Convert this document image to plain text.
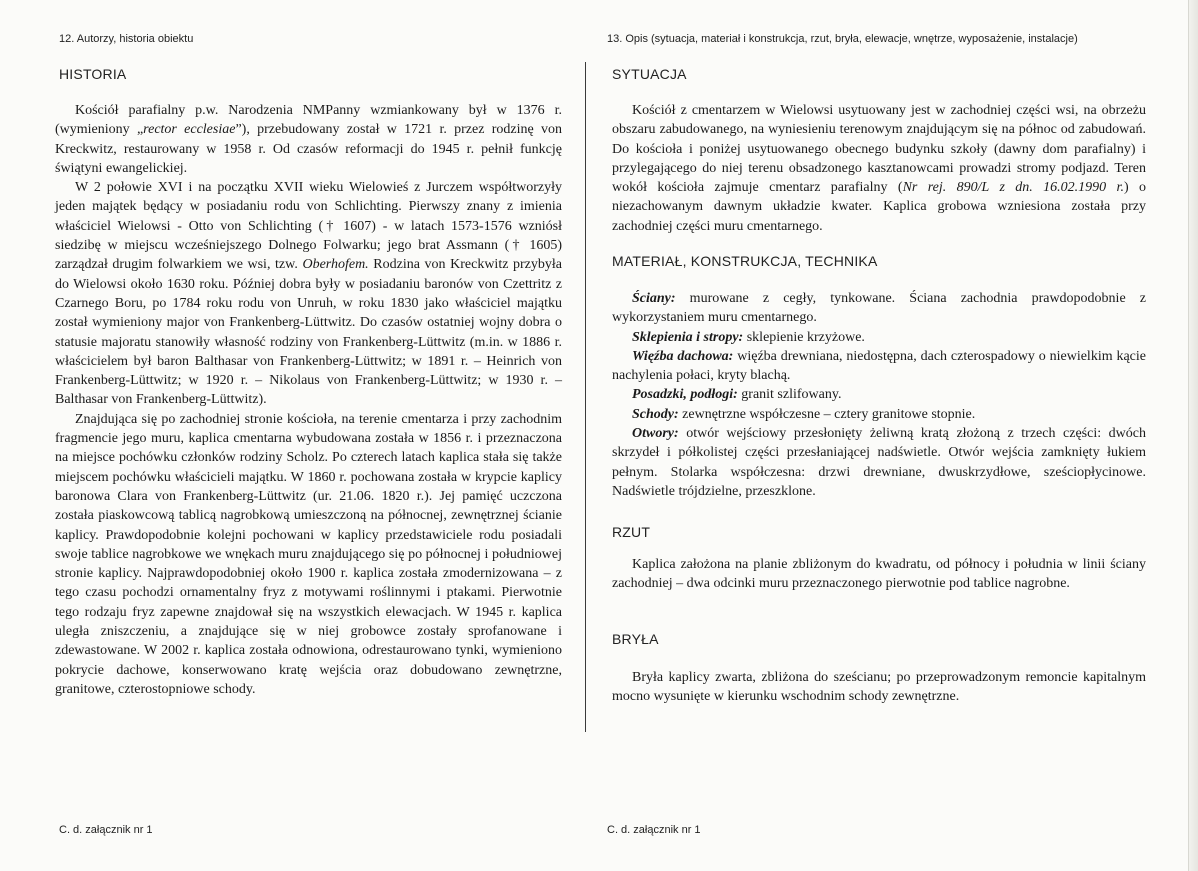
12. Autorzy, historia obiektu
HISTORIA

Kościół parafialny p.w. Narodzenia NMPanny wzmiankowany był w 1376 r. (wymieniony „rector ecclesiae”), przebudowany został w 1721 r. przez rodzinę von Kreckwitz, restaurowany w 1958 r. Od czasów reformacji do 1945 r. pełnił funkcję świątyni ewangelickiej.

W 2 połowie XVI i na początku XVII wieku Wielowieś z Jurczem współtworzyły jeden majątek będący w posiadaniu rodu von Schlichting. Pierwszy znany z imienia właściciel Wielowsi - Otto von Schlichting († 1607) - w latach 1573-1576 wzniósł siedzibę w miejscu wcześniejszego Dolnego Folwarku; jego brat Assmann († 1605) zarządzał drugim folwarkiem we wsi, tzw. Oberhofem. Rodzina von Kreckwitz przybyła do Wielowsi około 1630 roku. Później dobra były w posiadaniu baronów von Czettritz z Czarnego Boru, po 1784 roku rodu von Unruh, w roku 1830 jako właściciel majątku został wymieniony major von Frankenberg-Lüttwitz. Do czasów ostatniej wojny dobra o statusie majoratu stanowiły własność rodziny von Frankenberg-Lüttwitz (m.in. w 1886 r. właścicielem był baron Balthasar von Frankenberg-Lüttwitz; w 1891 r. – Heinrich von Frankenberg-Lüttwitz; w 1920 r. – Nikolaus von Frankenberg-Lüttwitz; w 1930 r. – Balthasar von Frankenberg-Lüttwitz).

Znajdująca się po zachodniej stronie kościoła, na terenie cmentarza i przy zachodnim fragmencie jego muru, kaplica cmentarna wybudowana została w 1856 r. i przeznaczona na miejsce pochówku członków rodziny Scholz. Po czterech latach kaplica stała się także miejscem pochówku właścicieli majątku. W 1860 r. pochowana została w krypcie kaplicy baronowa Clara von Frankenberg-Lüttwitz (ur. 21.06. 1820 r.). Jej pamięć uczczona została piaskowcową tablicą nagrobkową umieszczoną na północnej, zewnętrznej ścianie kaplicy. Prawdopodobnie kolejni pochowani w kaplicy przedstawiciele rodu posiadali swoje tablice nagrobkowe we wnękach muru znajdującego się po północnej i południowej stronie kaplicy. Najprawdopodobniej około 1900 r. kaplica została zmodernizowana – z tego czasu pochodzi ornamentalny fryz z motywami roślinnymi i ptakami. Pierwotnie tego rodzaju fryz zapewne znajdował się na wszystkich elewacjach. W 1945 r. kaplica uległa zniszczeniu, a znajdujące się w niej grobowce zostały sprofanowane i zdewastowane. W 2002 r. kaplica została odnowiona, odrestaurowano tynki, wymieniono pokrycie dachowe, konserwowano kratę wejścia oraz dobudowano zewnętrzne, granitowe, czterostopniowe schody.

C. d. załącznik nr 1
13. Opis (sytuacja, materiał i konstrukcja, rzut, bryła, elewacje, wnętrze, wyposażenie, instalacje)
SYTUACJA

Kościół z cmentarzem w Wielowsi usytuowany jest w zachodniej części wsi, na obrzeżu obszaru zabudowanego, na wyniesieniu terenowym znajdującym się na północ od zabudowań. Do kościoła i poniżej usytuowanego obecnego budynku szkoły (dawny dom parafialny) i przylegającego do niej terenu obsadzonego kasztanowcami prowadzi stromy podjazd. Teren wokół kościoła zajmuje cmentarz parafialny (Nr rej. 890/L z dn. 16.02.1990 r.) o niezachowanym dawnym układzie kwater. Kaplica grobowa wzniesiona została przy zachodniej części muru cmentarnego.

MATERIAŁ, KONSTRUKCJA, TECHNIKA

Ściany: murowane z cegły, tynkowane. Ściana zachodnia prawdopodobnie z wykorzystaniem muru cmentarnego.

Sklepienia i stropy: sklepienie krzyżowe.

Więźba dachowa: więźba drewniana, niedostępna, dach czterospadowy o niewielkim kącie nachylenia połaci, kryty blachą.

Posadzki, podłogi: granit szlifowany.

Schody: zewnętrzne współczesne – cztery granitowe stopnie.

Otwory: otwór wejściowy przesłonięty żeliwną kratą złożoną z trzech części: dwóch skrzydeł i półkolistej części przesłaniającej nadświetle. Otwór wejścia zamknięty łukiem pełnym. Stolarka współczesna: drzwi drewniane, dwuskrzydłowe, sześciopłycinowe. Nadświetle trójdzielne, przeszklone.

RZUT

Kaplica założona na planie zbliżonym do kwadratu, od północy i południa w linii ściany zachodniej – dwa odcinki muru przeznaczonego pierwotnie pod tablice nagrobne.

BRYŁA

Bryła kaplicy zwarta, zbliżona do sześcianu; po przeprowadzonym remoncie kapitalnym mocno wysunięte w kierunku wschodnim schody zewnętrzne.

C. d. załącznik nr 1
